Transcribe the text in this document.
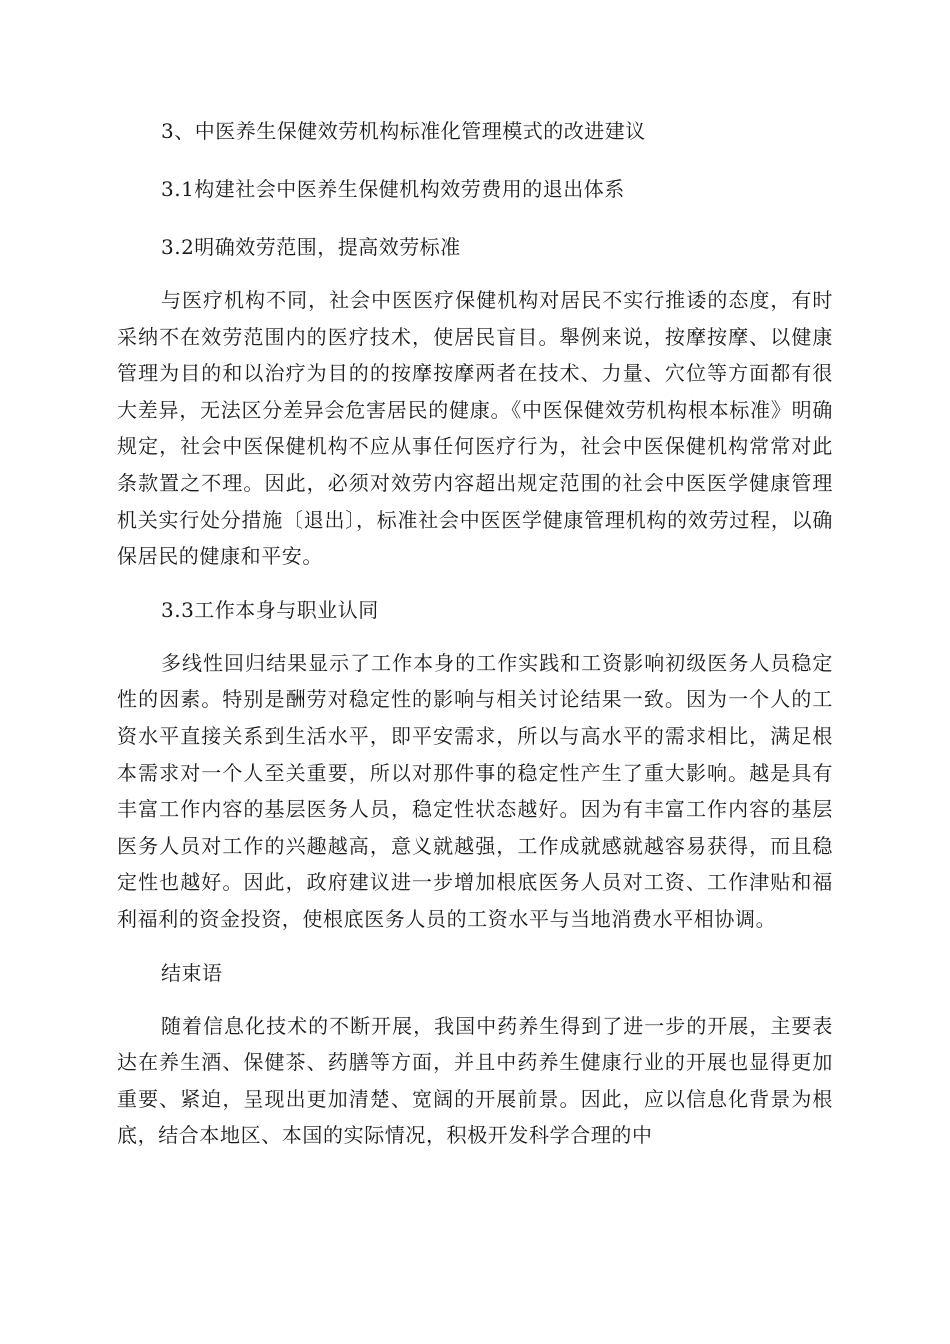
3、中医养生保健效劳机构标准化管理模式的改进建议
3.1构建社会中医养生保健机构效劳费用的退出体系
3.2明确效劳范围，提高效劳标准

与医疗机构不同，社会中医医疗保健机构对居民不实行推诿的态度，有时采纳不在效劳范围内的医疗技术，使居民盲目。舉例来说，按摩按摩、以健康管理为目的和以治疗为目的的按摩按摩两者在技术、力量、穴位等方面都有很大差异，无法区分差异会危害居民的健康。《中医保健效劳机构根本标准》明确规定，社会中医保健机构不应从事任何医疗行为，社会中医保健机构常常对此条款置之不理。因此，必须对效劳内容超出规定范围的社会中医医学健康管理机关实行处分措施〔退出〕，标准社会中医医学健康管理机构的效劳过程，以确保居民的健康和平安。

3.3工作本身与职业认同

多线性回归结果显示了工作本身的工作实践和工资影响初级医务人员稳定性的因素。特别是酬劳对稳定性的影响与相关讨论结果一致。因为一个人的工资水平直接关系到生活水平，即平安需求，所以与高水平的需求相比，满足根本需求对一个人至关重要，所以对那件事的稳定性产生了重大影响。越是具有丰富工作内容的基层医务人员，稳定性状态越好。因为有丰富工作内容的基层医务人员对工作的兴趣越高，意义就越强，工作成就感就越容易获得，而且稳定性也越好。因此，政府建议进一步增加根底医务人员对工资、工作津贴和福利福利的资金投资，使根底医务人员的工资水平与当地消费水平相协调。

结束语

随着信息化技术的不断开展，我国中药养生得到了进一步的开展，主要表达在养生酒、保健茶、药膳等方面，并且中药养生健康行业的开展也显得更加重要、紧迫，呈现出更加清楚、宽阔的开展前景。因此，应以信息化背景为根底，结合本地区、本国的实际情况，积极开发科学合理的中
